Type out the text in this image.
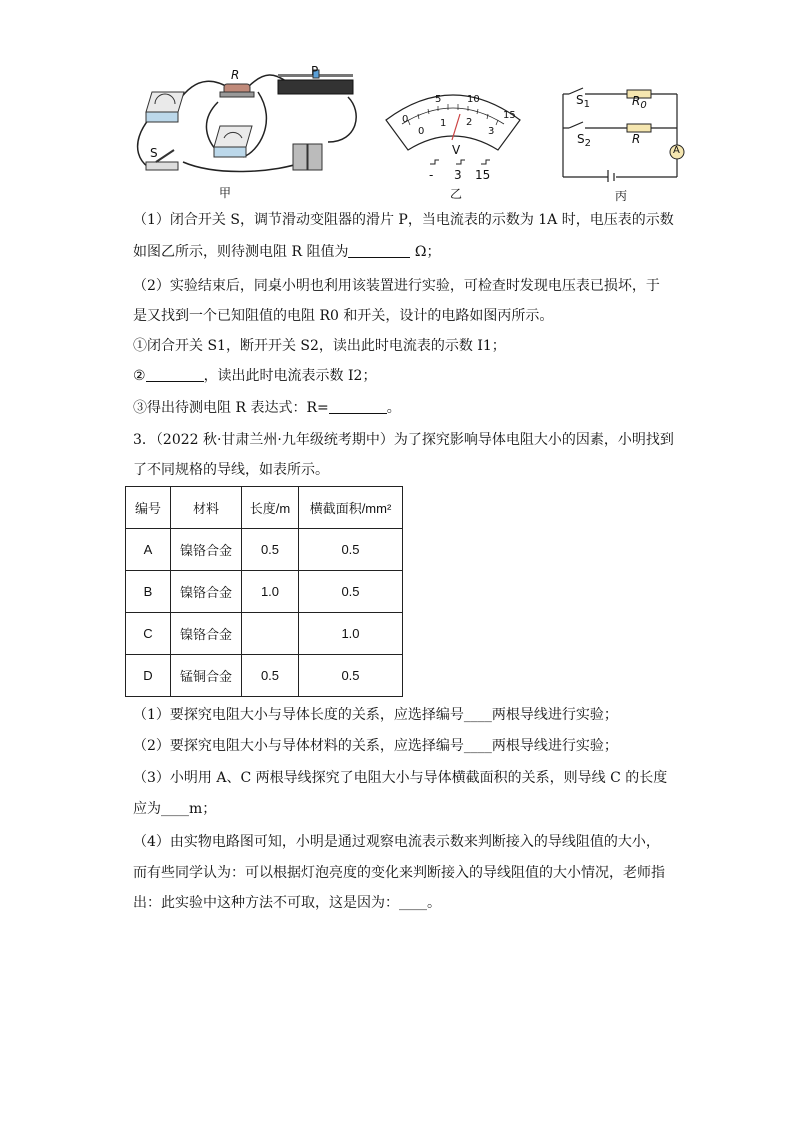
R	P
S
甲
0
5	10
15
0
1 2
3
V
- 3 15
乙
$S_1$
$S_2$
$R_0$
R
A
丙
（1）闭合开关 S，调节滑动变阻器的滑片 P，当电流表的示数为 1A 时，电压表的示数
如图乙所示，则待测电阻 R 阻值为	Ω；
（2）实验结束后，同桌小明也利用该装置进行实验，可检查时发现电压表已损坏，于
是又找到一个已知阻值的电阻 R0 和开关，设计的电路如图丙所示。
①闭合开关 S1，断开开关 S2，读出此时电流表的示数 I1；
②	，读出此时电流表示数 I2；
③得出待测电阻 R 表达式：R=	。
3．（2022 秋·甘肃兰州·九年级统考期中）为了探究影响导体电阻大小的因素，小明找到
了不同规格的导线，如表所示。
编号	材料	长度/m	横截面积/mm²
A	镍铬合金	0.5	0.5
B	镍铬合金	1.0	0.5
C	镍铬合金		1.0
D	锰铜合金	0.5	0.5
（1）要探究电阻大小与导体长度的关系，应选择编号____两根导线进行实验；
（2）要探究电阻大小与导体材料的关系，应选择编号____两根导线进行实验；
（3）小明用 A、C 两根导线探究了电阻大小与导体横截面积的关系，则导线 C 的长度
应为____m；
（4）由实物电路图可知，小明是通过观察电流表示数来判断接入的导线阻值的大小，
而有些同学认为：可以根据灯泡亮度的变化来判断接入的导线阻值的大小情况，老师指
出：此实验中这种方法不可取，这是因为：____。
